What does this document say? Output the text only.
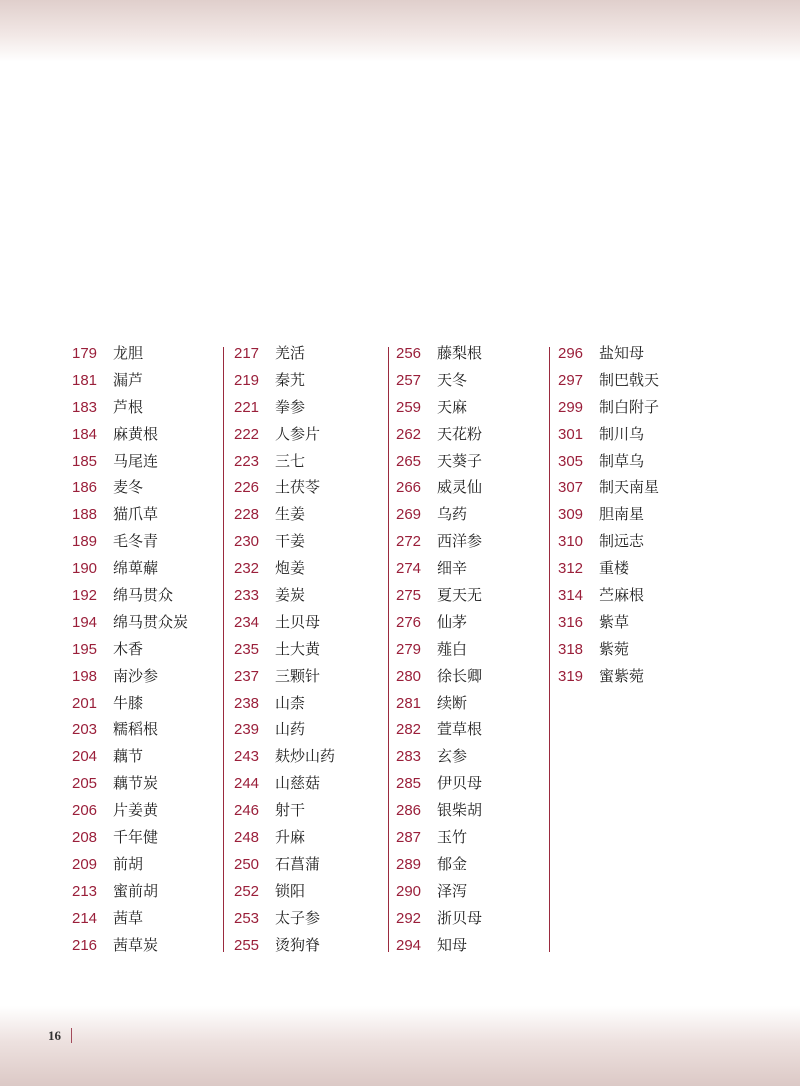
179 龙胆
181 漏芦
183 芦根
184 麻黄根
185 马尾连
186 麦冬
188 猫爪草
189 毛冬青
190 绵萆薢
192 绵马贯众
194 绵马贯众炭
195 木香
198 南沙参
201 牛膝
203 糯稻根
204 藕节
205 藕节炭
206 片姜黄
208 千年健
209 前胡
213 蜜前胡
214 茜草
216 茜草炭
217 羌活
219 秦艽
221 拳参
222 人参片
223 三七
226 土茯苓
228 生姜
230 干姜
232 炮姜
233 姜炭
234 土贝母
235 土大黄
237 三颗针
238 山柰
239 山药
243 麸炒山药
244 山慈菇
246 射干
248 升麻
250 石菖蒲
252 锁阳
253 太子参
255 烫狗脊
256 藤梨根
257 天冬
259 天麻
262 天花粉
265 天葵子
266 威灵仙
269 乌药
272 西洋参
274 细辛
275 夏天无
276 仙茅
279 薤白
280 徐长卿
281 续断
282 萱草根
283 玄参
285 伊贝母
286 银柴胡
287 玉竹
289 郁金
290 泽泻
292 浙贝母
294 知母
296 盐知母
297 制巴戟天
299 制白附子
301 制川乌
305 制草乌
307 制天南星
309 胆南星
310 制远志
312 重楼
314 苎麻根
316 紫草
318 紫菀
319 蜜紫菀
16
